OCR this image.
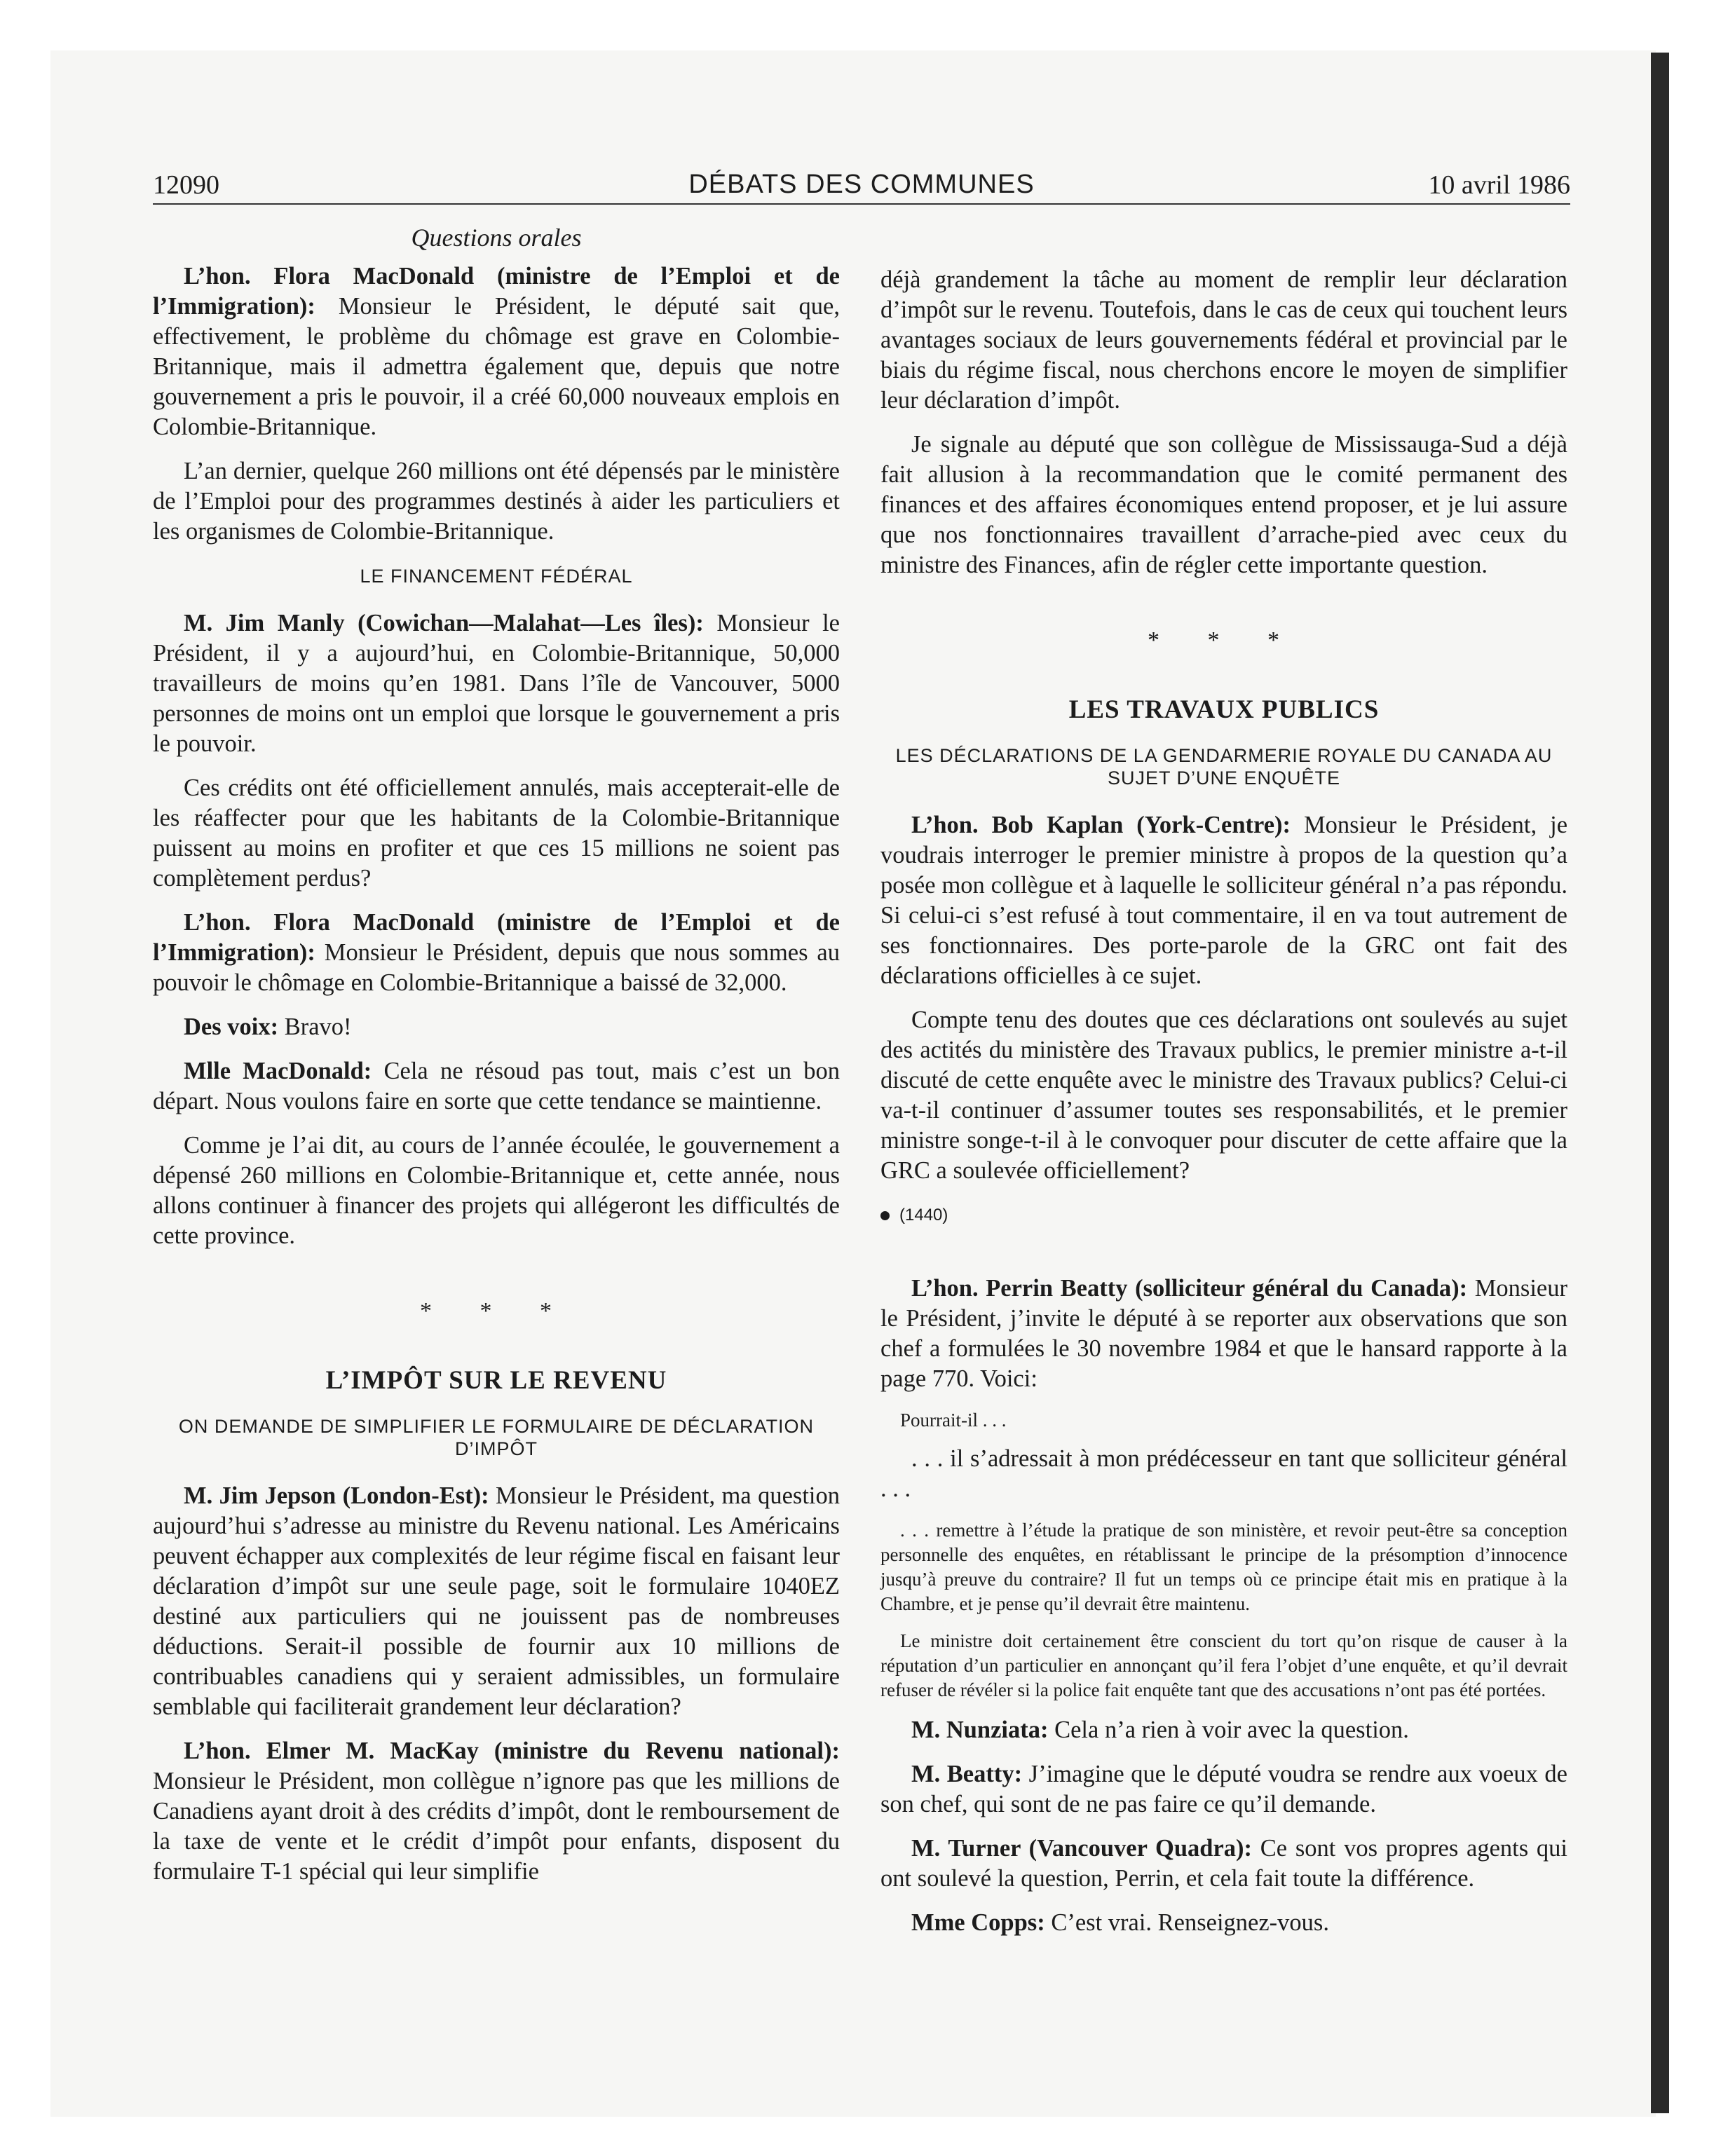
12090	DÉBATS DES COMMUNES	10 avril 1986
Questions orales

L’hon. Flora MacDonald (ministre de l’Emploi et de l’Immigration): Monsieur le Président, le député sait que, effectivement, le problème du chômage est grave en Colombie-Britannique, mais il admettra également que, depuis que notre gouvernement a pris le pouvoir, il a créé 60,000 nouveaux emplois en Colombie-Britannique.

L’an dernier, quelque 260 millions ont été dépensés par le ministère de l’Emploi pour des programmes destinés à aider les particuliers et les organismes de Colombie-Britannique.

LE FINANCEMENT FÉDÉRAL

M. Jim Manly (Cowichan—Malahat—Les îles): Monsieur le Président, il y a aujourd’hui, en Colombie-Britannique, 50,000 travailleurs de moins qu’en 1981. Dans l’île de Vancouver, 5000 personnes de moins ont un emploi que lorsque le gouvernement a pris le pouvoir.

Ces crédits ont été officiellement annulés, mais accepterait-elle de les réaffecter pour que les habitants de la Colombie-Britannique puissent au moins en profiter et que ces 15 millions ne soient pas complètement perdus?

L’hon. Flora MacDonald (ministre de l’Emploi et de l’Immigration): Monsieur le Président, depuis que nous sommes au pouvoir le chômage en Colombie-Britannique a baissé de 32,000.

Des voix: Bravo!

Mlle MacDonald: Cela ne résoud pas tout, mais c’est un bon départ. Nous voulons faire en sorte que cette tendance se maintienne.

Comme je l’ai dit, au cours de l’année écoulée, le gouvernement a dépensé 260 millions en Colombie-Britannique et, cette année, nous allons continuer à financer des projets qui allégeront les difficultés de cette province.

* * *
L’IMPÔT SUR LE REVENU
ON DEMANDE DE SIMPLIFIER LE FORMULAIRE DE DÉCLARATION D’IMPÔT

M. Jim Jepson (London-Est): Monsieur le Président, ma question aujourd’hui s’adresse au ministre du Revenu national. Les Américains peuvent échapper aux complexités de leur régime fiscal en faisant leur déclaration d’impôt sur une seule page, soit le formulaire 1040EZ destiné aux particuliers qui ne jouissent pas de nombreuses déductions. Serait-il possible de fournir aux 10 millions de contribuables canadiens qui y seraient admissibles, un formulaire semblable qui faciliterait grandement leur déclaration?

L’hon. Elmer M. MacKay (ministre du Revenu national): Monsieur le Président, mon collègue n’ignore pas que les millions de Canadiens ayant droit à des crédits d’impôt, dont le remboursement de la taxe de vente et le crédit d’impôt pour enfants, disposent du formulaire T-1 spécial qui leur simplifie

déjà grandement la tâche au moment de remplir leur déclaration d’impôt sur le revenu. Toutefois, dans le cas de ceux qui touchent leurs avantages sociaux de leurs gouvernements fédéral et provincial par le biais du régime fiscal, nous cherchons encore le moyen de simplifier leur déclaration d’impôt.

Je signale au député que son collègue de Mississauga-Sud a déjà fait allusion à la recommandation que le comité permanent des finances et des affaires économiques entend proposer, et je lui assure que nos fonctionnaires travaillent d’arrache-pied avec ceux du ministre des Finances, afin de régler cette importante question.

* * *
LES TRAVAUX PUBLICS
LES DÉCLARATIONS DE LA GENDARMERIE ROYALE DU CANADA AU SUJET D’UNE ENQUÊTE

L’hon. Bob Kaplan (York-Centre): Monsieur le Président, je voudrais interroger le premier ministre à propos de la question qu’a posée mon collègue et à laquelle le solliciteur général n’a pas répondu. Si celui-ci s’est refusé à tout commentaire, il en va tout autrement de ses fonctionnaires. Des porte-parole de la GRC ont fait des déclarations officielles à ce sujet.

Compte tenu des doutes que ces déclarations ont soulevés au sujet des actités du ministère des Travaux publics, le premier ministre a-t-il discuté de cette enquête avec le ministre des Travaux publics? Celui-ci va-t-il continuer d’assumer toutes ses responsabilités, et le premier ministre songe-t-il à le convoquer pour discuter de cette affaire que la GRC a soulevée officiellement?

(1440)

L’hon. Perrin Beatty (solliciteur général du Canada): Monsieur le Président, j’invite le député à se reporter aux observations que son chef a formulées le 30 novembre 1984 et que le hansard rapporte à la page 770. Voici:

Pourrait-il . . .

. . . il s’adressait à mon prédécesseur en tant que solliciteur général . . .

. . . remettre à l’étude la pratique de son ministère, et revoir peut-être sa conception personnelle des enquêtes, en rétablissant le principe de la présomption d’innocence jusqu’à preuve du contraire? Il fut un temps où ce principe était mis en pratique à la Chambre, et je pense qu’il devrait être maintenu.
Le ministre doit certainement être conscient du tort qu’on risque de causer à la réputation d’un particulier en annonçant qu’il fera l’objet d’une enquête, et qu’il devrait refuser de révéler si la police fait enquête tant que des accusations n’ont pas été portées.

M. Nunziata: Cela n’a rien à voir avec la question.

M. Beatty: J’imagine que le député voudra se rendre aux voeux de son chef, qui sont de ne pas faire ce qu’il demande.

M. Turner (Vancouver Quadra): Ce sont vos propres agents qui ont soulevé la question, Perrin, et cela fait toute la différence.

Mme Copps: C’est vrai. Renseignez-vous.
